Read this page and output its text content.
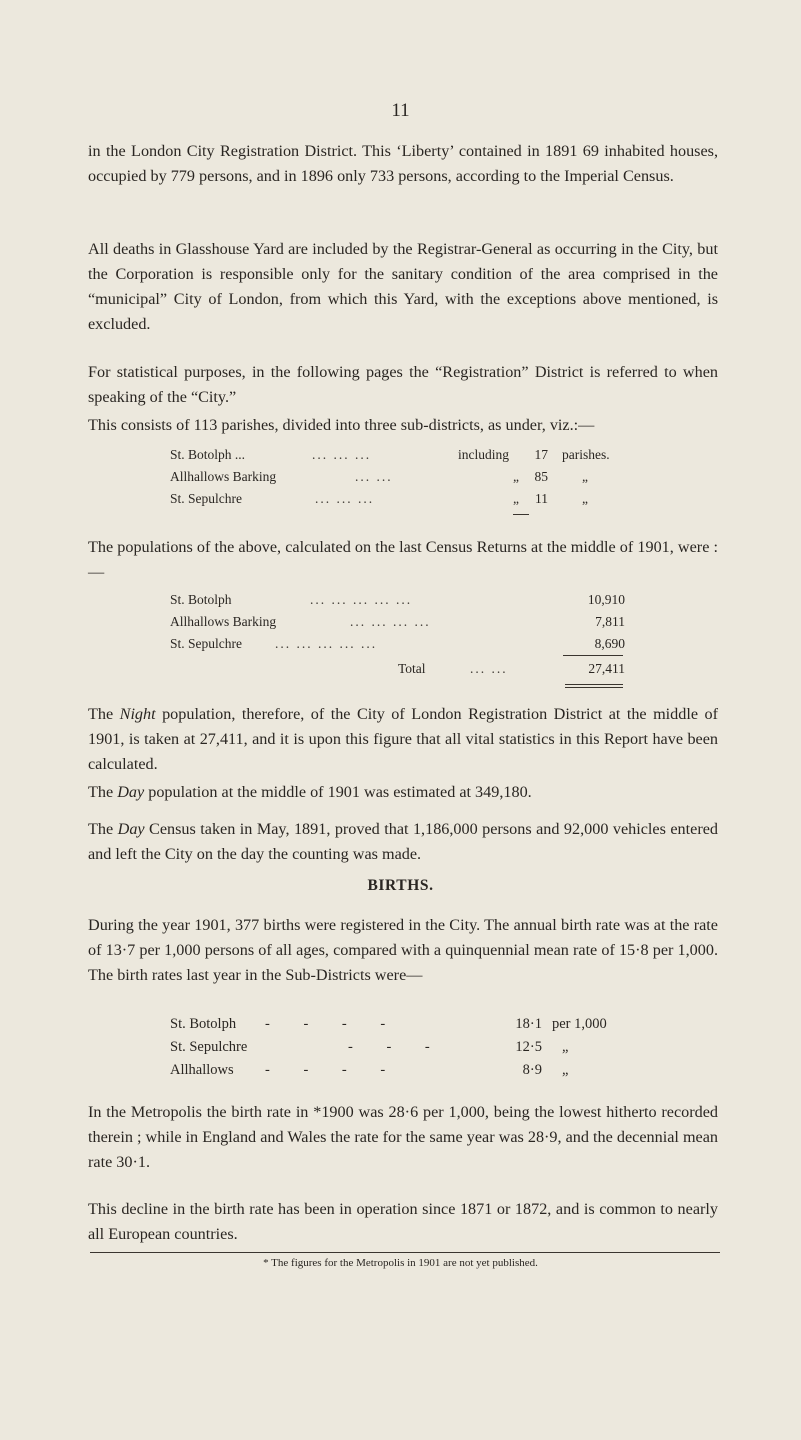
11

in the London City Registration District. This ‘Liberty’ contained in 1891 69 inhabited houses, occupied by 779 persons, and in 1896 only 733 persons, according to the Imperial Census.

All deaths in Glasshouse Yard are included by the Registrar-General as occurring in the City, but the Corporation is responsible only for the sanitary condition of the area comprised in the “municipal” City of London, from which this Yard, with the exceptions above mentioned, is excluded.

For statistical purposes, in the following pages the “Registration” District is referred to when speaking of the “City.”

This consists of 113 parishes, divided into three sub-districts, as under, viz.:—

St. Botolph ...	... ... ...	including	17 parishes.
Allhallows Barking	... ...	„	85	„
St. Sepulchre	... ... ...	„	11	„

The populations of the above, calculated on the last Census Returns at the middle of 1901, were :—

St. Botolph	... ... ... ... ...	10,910
Allhallows Barking	... ... ... ...	7,811
St. Sepulchre ... ... ... ... ...	8,690
Total	... ...	27,411

The Night population, therefore, of the City of London Registration District at the middle of 1901, is taken at 27,411, and it is upon this figure that all vital statistics in this Report have been calculated.

The Day population at the middle of 1901 was estimated at 349,180.

The Day Census taken in May, 1891, proved that 1,186,000 persons and 92,000 vehicles entered and left the City on the day the counting was made.

BIRTHS.

During the year 1901, 377 births were registered in the City. The annual birth rate was at the rate of 13·7 per 1,000 persons of all ages, compared with a quinquennial mean rate of 15·8 per 1,000. The birth rates last year in the Sub-Districts were—

St. Botolph - - - -	18·1 per 1,000
St. Sepulchre	- - -	12·5 „
Allhallows - - - -	8·9 „

In the Metropolis the birth rate in *1900 was 28·6 per 1,000, being the lowest hitherto recorded therein ; while in England and Wales the rate for the same year was 28·9, and the decennial mean rate 30·1.

This decline in the birth rate has been in operation since 1871 or 1872, and is common to nearly all European countries.

* The figures for the Metropolis in 1901 are not yet published.
